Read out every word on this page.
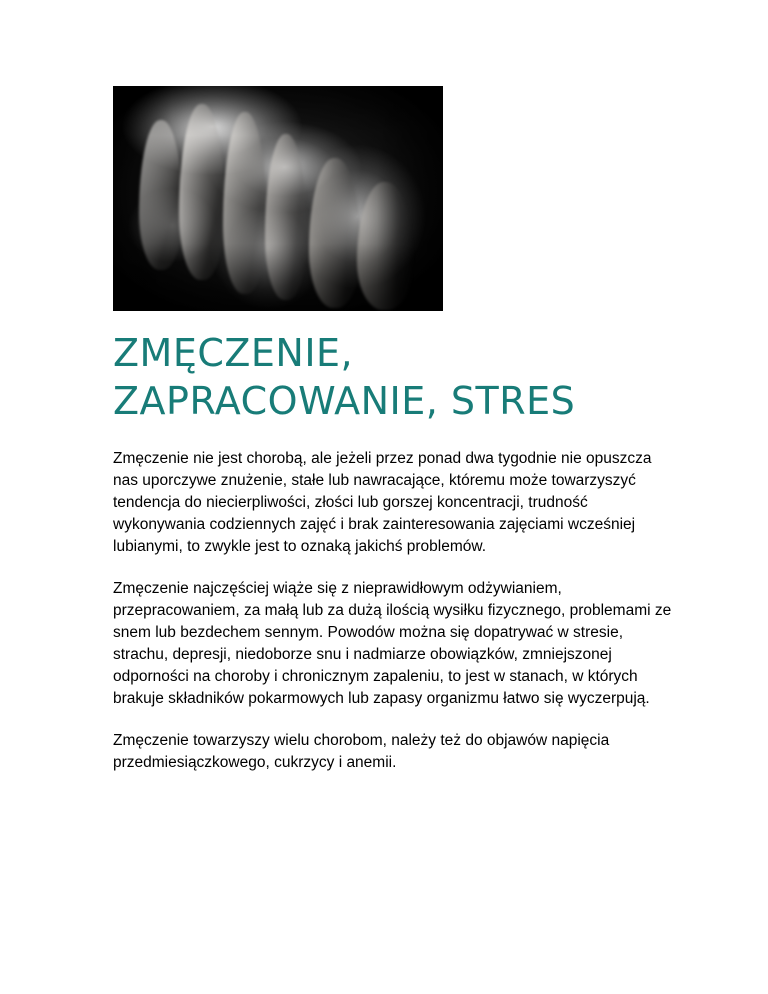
ZMĘCZENIE, ZAPRACOWANIE, STRES

Zmęczenie nie jest chorobą, ale jeżeli przez ponad dwa tygodnie nie opuszcza nas uporczywe znużenie, stałe lub nawracające, któremu może towarzyszyć tendencja do niecierpliwości, złości lub gorszej koncentracji, trudność wykonywania codziennych zajęć i brak zainteresowania zajęciami wcześniej lubianymi, to zwykle jest to oznaką jakichś problemów.

Zmęczenie najczęściej wiąże się z nieprawidłowym odżywianiem, przepracowaniem, za małą lub za dużą ilością wysiłku fizycznego, problemami ze snem lub bezdechem sennym. Powodów można się dopatrywać w stresie, strachu, depresji, niedoborze snu i nadmiarze obowiązków, zmniejszonej odporności na choroby i chronicznym zapaleniu, to jest w stanach, w których brakuje składników pokarmowych lub zapasy organizmu łatwo się wyczerpują.

Zmęczenie towarzyszy wielu chorobom, należy też do objawów napięcia przedmiesiączkowego, cukrzycy i anemii.
